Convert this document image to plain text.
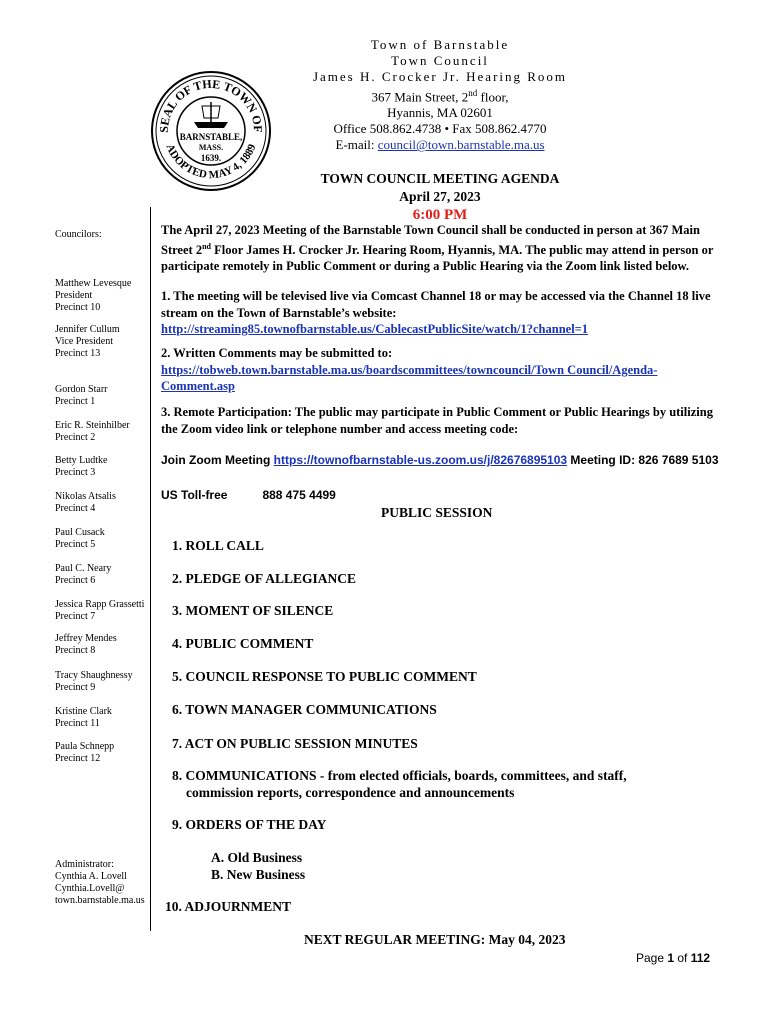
Town of Barnstable
Town Council
James H. Crocker Jr. Hearing Room
367 Main Street, 2nd floor,
Hyannis, MA 02601
Office 508.862.4738 • Fax 508.862.4770
E-mail: council@town.barnstable.ma.us
SEAL OF THE TOWN OF
ADOPTED MAY 4, 1889
BARNSTABLE,
MASS.
1639.
TOWN COUNCIL MEETING AGENDA
April 27, 2023
6:00 PM
Councilors:
Matthew Levesque
President
Precinct 10
Jennifer Cullum
Vice President
Precinct 13
Gordon Starr
Precinct 1
Eric R. Steinhilber
Precinct 2
Betty Ludtke
Precinct 3
Nikolas Atsalis
Precinct 4
Paul Cusack
Precinct 5
Paul C. Neary
Precinct 6
Jessica Rapp Grassetti
Precinct 7
Jeffrey Mendes
Precinct 8
Tracy Shaughnessy
Precinct 9
Kristine Clark
Precinct 11
Paula Schnepp
Precinct 12
Administrator:
Cynthia A. Lovell
Cynthia.Lovell@
town.barnstable.ma.us
The April 27, 2023 Meeting of the Barnstable Town Council shall be conducted in person at 367 Main Street 2nd Floor James H. Crocker Jr. Hearing Room, Hyannis, MA. The public may attend in person or participate remotely in Public Comment or during a Public Hearing via the Zoom link listed below.
1. The meeting will be televised live via Comcast Channel 18 or may be accessed via the Channel 18 live stream on the Town of Barnstable’s website:
http://streaming85.townofbarnstable.us/CablecastPublicSite/watch/1?channel=1
2. Written Comments may be submitted to:
https://tobweb.town.barnstable.ma.us/boardscommittees/towncouncil/Town Council/Agenda-Comment.asp
3. Remote Participation: The public may participate in Public Comment or Public Hearings by utilizing the Zoom video link or telephone number and access meeting code:
Join Zoom Meeting https://townofbarnstable-us.zoom.us/j/82676895103 Meeting ID: 826 7689 5103
US Toll-free	888 475 4499
PUBLIC SESSION
1. ROLL CALL
2. PLEDGE OF ALLEGIANCE
3. MOMENT OF SILENCE
4. PUBLIC COMMENT
5. COUNCIL RESPONSE TO PUBLIC COMMENT
6. TOWN MANAGER COMMUNICATIONS
7. ACT ON PUBLIC SESSION MINUTES
8. COMMUNICATIONS - from elected officials, boards, committees, and staff,
commission reports, correspondence and announcements
9. ORDERS OF THE DAY
A. Old Business
B. New Business
10. ADJOURNMENT
NEXT REGULAR MEETING: May 04, 2023
Page 1 of 112
